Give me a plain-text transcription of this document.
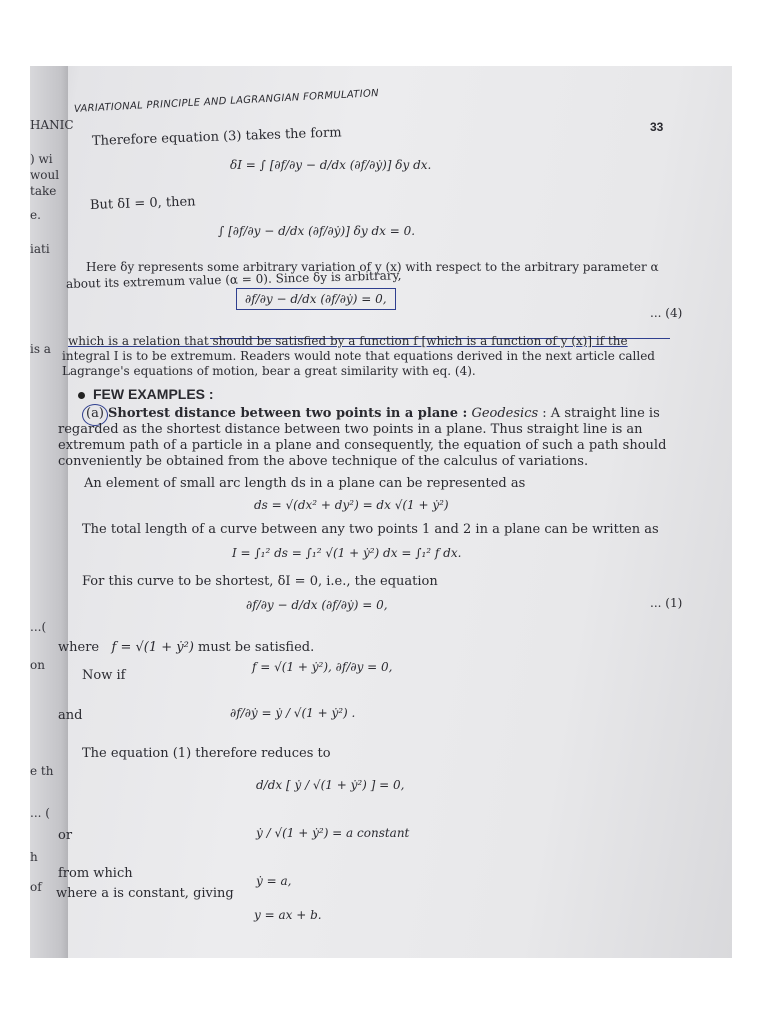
HANIC
) wi
woul
take
e.
iati
is a
...(
on
e th
... (
h
of
VARIATIONAL PRINCIPLE AND LAGRANGIAN FORMULATION
33
Therefore equation (3) takes the form
δI = ∫ [∂f/∂y − d/dx (∂f/∂ẏ)] δy dx.
But δI = 0, then
∫ [∂f/∂y − d/dx (∂f/∂ẏ)] δy dx = 0.
Here δy represents some arbitrary variation of y (x) with respect to the arbitrary parameter α
about its extremum value (α = 0). Since δy is arbitrary,
∂f/∂y − d/dx (∂f/∂ẏ) = 0,
... (4)
which is a relation that should be satisfied by a function f [which is a function of y (x)] if the
integral I is to be extremum. Readers would note that equations derived in the next article called
Lagrange's equations of motion, bear a great similarity with eq. (4).
FEW EXAMPLES :
(a) Shortest distance between two points in a plane : Geodesics : A straight line is
regarded as the shortest distance between two points in a plane. Thus straight line is an
extremum path of a particle in a plane and consequently, the equation of such a path should
conveniently be obtained from the above technique of the calculus of variations.
An element of small arc length ds in a plane can be represented as
ds = √(dx² + dy²) = dx √(1 + ẏ²)
The total length of a curve between any two points 1 and 2 in a plane can be written as
I = ∫₁² ds = ∫₁² √(1 + ẏ²) dx = ∫₁² f dx.
For this curve to be shortest, δI = 0, i.e., the equation
∂f/∂y − d/dx (∂f/∂ẏ) = 0,	... (1)
where f = √(1 + ẏ²) must be satisfied.
Now if
f = √(1 + ẏ²), ∂f/∂y = 0,
and	∂f/∂ẏ = ẏ / √(1 + ẏ²) .
The equation (1) therefore reduces to
d/dx [ ẏ / √(1 + ẏ²) ] = 0,
or	ẏ / √(1 + ẏ²) = a constant
from which	ẏ = a,
where a is constant, giving
y = ax + b.
